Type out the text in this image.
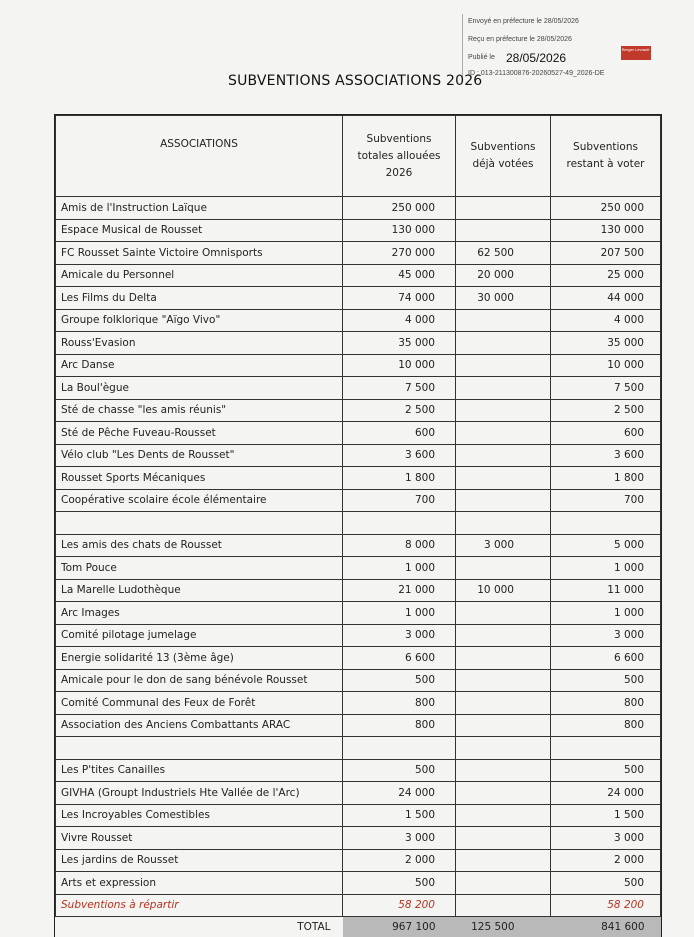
Envoyé en préfecture le 28/05/2026
Reçu en préfecture le 28/05/2026
Publié le 28/05/2026
ID : 013-211300876-20260527-49_2026-DE
Berger Levrault
SUBVENTIONS ASSOCIATIONS 2026
ASSOCIATIONS	Subventions totales allouées 2026	Subventions déjà votées	Subventions restant à voter
Amis de l'Instruction Laïque	250 000		250 000
Espace Musical de Rousset	130 000		130 000
FC Rousset Sainte Victoire Omnisports	270 000	62 500	207 500
Amicale du Personnel	45 000	20 000	25 000
Les Films du Delta	74 000	30 000	44 000
Groupe folklorique "Aïgo Vivo"	4 000		4 000
Rouss'Evasion	35 000		35 000
Arc Danse	10 000		10 000
La Boul'ègue	7 500		7 500
Sté de chasse "les amis réunis"	2 500		2 500
Sté de Pêche Fuveau-Rousset	600		600
Vélo club "Les Dents de Rousset"	3 600		3 600
Rousset Sports Mécaniques	1 800		1 800
Coopérative scolaire école élémentaire	700		700

Les amis des chats de Rousset	8 000	3 000	5 000
Tom Pouce	1 000		1 000
La Marelle Ludothèque	21 000	10 000	11 000
Arc Images	1 000		1 000
Comité pilotage jumelage	3 000		3 000
Energie solidarité 13 (3ème âge)	6 600		6 600
Amicale pour le don de sang bénévole Rousset	500		500
Comité Communal des Feux de Forêt	800		800
Association des Anciens Combattants ARAC	800		800

Les P'tites Canailles	500		500
GIVHA (Groupt Industriels Hte Vallée de l'Arc)	24 000		24 000
Les Incroyables Comestibles	1 500		1 500
Vivre Rousset	3 000		3 000
Les jardins de Rousset	2 000		2 000
Arts et expression	500		500
Subventions à répartir	58 200		58 200
TOTAL	967 100	125 500	841 600
